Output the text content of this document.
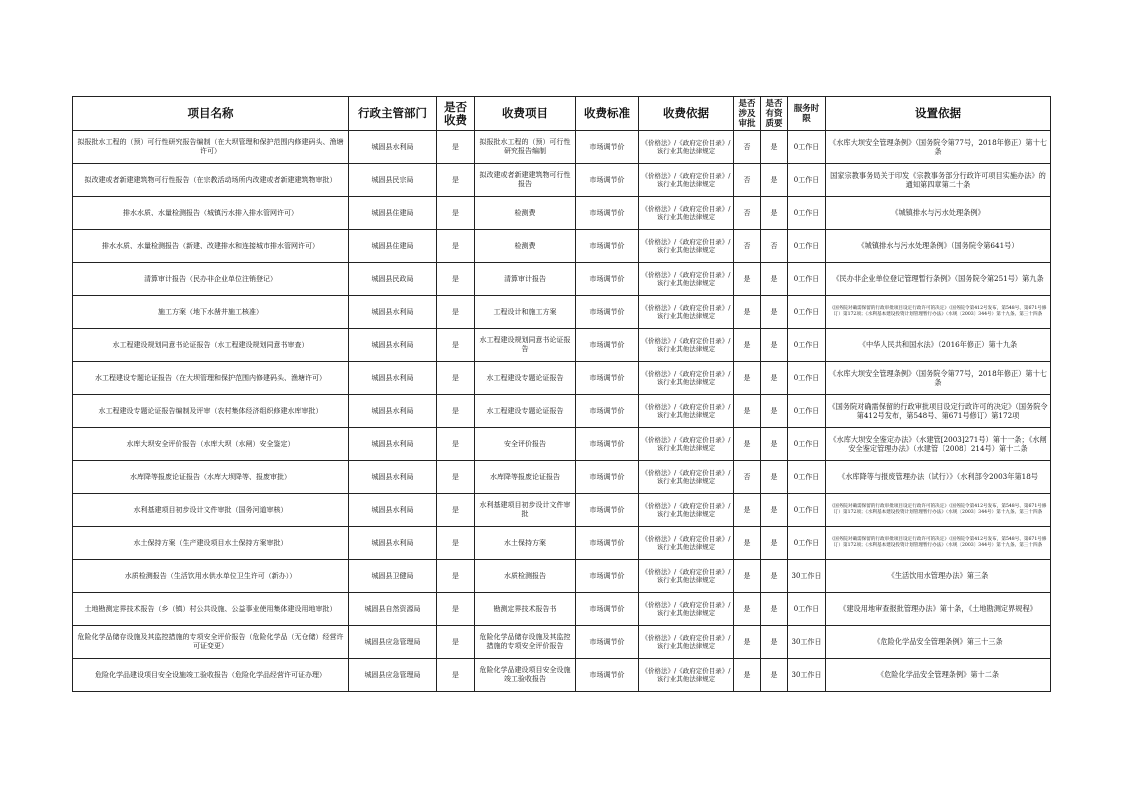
项目名称	行政主管部门	是否收费	收费项目	收费标准	收费依据	是否涉及审批	是否有资质要	服务时限	设置依据
拟报批水工程的（预）可行性研究报告编制（在大坝管理和保护范围内修建码头、渔塘许可）	城固县水利局	是	拟报批水工程的（预）可行性研究报告编制	市场调节价	《价格法》/《政府定价目录》/该行业其他法律规定	否	是	0工作日	《水库大坝安全管理条例》（国务院令第77号，2018年修正）第十七条
拟改建或者新建建筑物可行性报告（在宗教活动场所内改建或者新建建筑物审批）	城固县民宗局	是	拟改建或者新建建筑物可行性报告	市场调节价	《价格法》/《政府定价目录》/该行业其他法律规定	否	是	0工作日	国家宗教事务局关于印发《宗教事务部分行政许可项目实施办法》的通知第四章第二十条
排水水质、水量检测报告（城镇污水排入排水管网许可）	城固县住建局	是	检测费	市场调节价	《价格法》/《政府定价目录》/该行业其他法律规定	否	是	0工作日	《城镇排水与污水处理条例》
排水水质、水量检测报告（新建、改建排水和连接城市排水管网许可）	城固县住建局	是	检测费	市场调节价	《价格法》/《政府定价目录》/该行业其他法律规定	否	否	0工作日	《城镇排水与污水处理条例》（国务院令第641号）
清算审计报告（民办非企业单位注销登记）	城固县民政局	是	清算审计报告	市场调节价	《价格法》/《政府定价目录》/该行业其他法律规定	是	是	0工作日	《民办非企业单位登记管理暂行条例》（国务院令第251号）第九条
施工方案（地下水凿井施工核准）	城固县水利局	是	工程设计和施工方案	市场调节价	《价格法》/《政府定价目录》/该行业其他法律规定	是	是	0工作日	《国务院对确需保留的行政审批项目设定行政许可的决定》（国务院令第412号发布，第548号、第671号修订）第172项；《水利基本建设投资计划管理暂行办法》（水规〔2003〕344号）第十九条、第三十四条
水工程建设规划同意书论证报告（水工程建设规划同意书审查）	城固县水利局	是	水工程建设规划同意书论证报告	市场调节价	《价格法》/《政府定价目录》/该行业其他法律规定	是	是	0工作日	《中华人民共和国水法》（2016年修正）第十九条
水工程建设专题论证报告（在大坝管理和保护范围内修建码头、渔塘许可）	城固县水利局	是	水工程建设专题论证报告	市场调节价	《价格法》/《政府定价目录》/该行业其他法律规定	是	是	0工作日	《水库大坝安全管理条例》（国务院令第77号，2018年修正）第十七条
水工程建设专题论证报告编制及评审（农村集体经济组织修建水库审批）	城固县水利局	是	水工程建设专题论证报告	市场调节价	《价格法》/《政府定价目录》/该行业其他法律规定	是	是	0工作日	《国务院对确需保留的行政审批项目设定行政许可的决定》（国务院令第412号发布，第548号、第671号修订）第172项
水库大坝安全评价报告（水库大坝（水闸）安全鉴定）	城固县水利局	是	安全评价报告	市场调节价	《价格法》/《政府定价目录》/该行业其他法律规定	是	是	0工作日	《水库大坝安全鉴定办法》（水建管[2003]271号）第十一条；《水闸安全鉴定管理办法》（水建管〔2008〕214号）第十二条
水库降等报废论证报告（水库大坝降等、报废审批）	城固县水利局	是	水库降等报废论证报告	市场调节价	《价格法》/《政府定价目录》/该行业其他法律规定	否	是	0工作日	《水库降等与报废管理办法（试行）》（水利部令2003年第18号
水利基建项目初步设计文件审批（国务河道审核）	城固县水利局	是	水利基建项目初步设计文件审批	市场调节价	《价格法》/《政府定价目录》/该行业其他法律规定	是	是	0工作日	《国务院对确需保留的行政审批项目设定行政许可的决定》（国务院令第412号发布，第548号、第671号修订）第172项；《水利基本建设投资计划管理暂行办法》（水规〔2003〕344号）第十九条、第三十四条
水土保持方案（生产建设项目水土保持方案审批）	城固县水利局	是	水土保持方案	市场调节价	《价格法》/《政府定价目录》/该行业其他法律规定	是	是	0工作日	《国务院对确需保留的行政审批项目设定行政许可的决定》（国务院令第412号发布，第548号、第671号修订）第172项；《水利基本建设投资计划管理暂行办法》（水规〔2003〕344号）第十九条、第三十四条
水质检测报告（生活饮用水供水单位卫生许可（新办））	城固县卫健局	是	水质检测报告	市场调节价	《价格法》/《政府定价目录》/该行业其他法律规定	是	是	30工作日	《生活饮用水管理办法》第三条
土地勘测定界技术报告（乡（镇）村公共设施、公益事业使用集体建设用地审批）	城固县自然资源局	是	勘测定界技术报告书	市场调节价	《价格法》/《政府定价目录》/该行业其他法律规定	是	是	0工作日	《建设用地审查报批管理办法》第十条，《土地勘测定界规程》
危险化学品储存设施及其监控措施的专项安全评价报告（危险化学品（无仓储）经营许可证变更）	城固县应急管理局	是	危险化学品储存设施及其监控措施的专项安全评价报告	市场调节价	《价格法》/《政府定价目录》/该行业其他法律规定	是	是	30工作日	《危险化学品安全管理条例》第三十三条
危险化学品建设项目安全设施竣工验收报告（危险化学品经营许可证办理）	城固县应急管理局	是	危险化学品建设项目安全设施竣工验收报告	市场调节价	《价格法》/《政府定价目录》/该行业其他法律规定	是	是	30工作日	《危险化学品安全管理条例》第十二条
